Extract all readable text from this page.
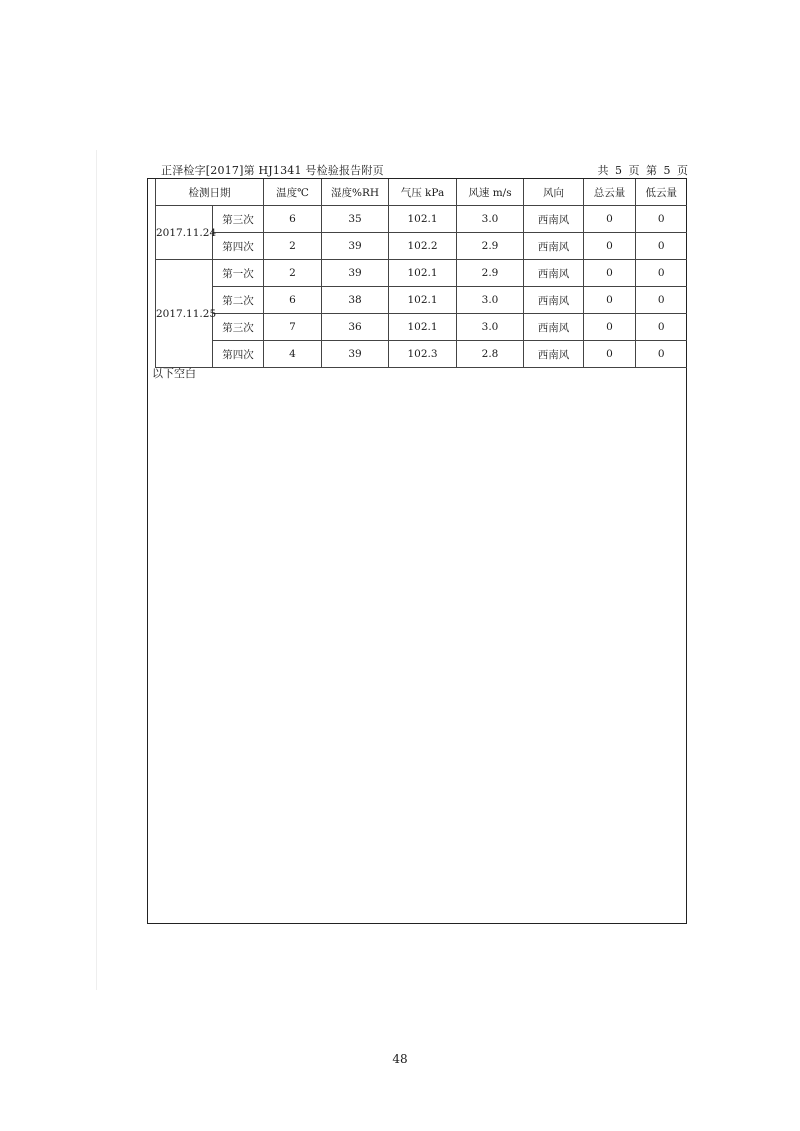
正泽检字[2017]第 HJ1341 号检验报告附页	共 5 页 第 5 页
检测日期		温度℃	湿度%RH	气压 kPa	风速 m/s	风向	总云量	低云量
2017.11.24	第三次	6	35	102.1	3.0	西南风	0	0
	第四次	2	39	102.2	2.9	西南风	0	0
2017.11.25	第一次	2	39	102.1	2.9	西南风	0	0
	第二次	6	38	102.1	3.0	西南风	0	0
	第三次	7	36	102.1	3.0	西南风	0	0
	第四次	4	39	102.3	2.8	西南风	0	0
以下空白
48
